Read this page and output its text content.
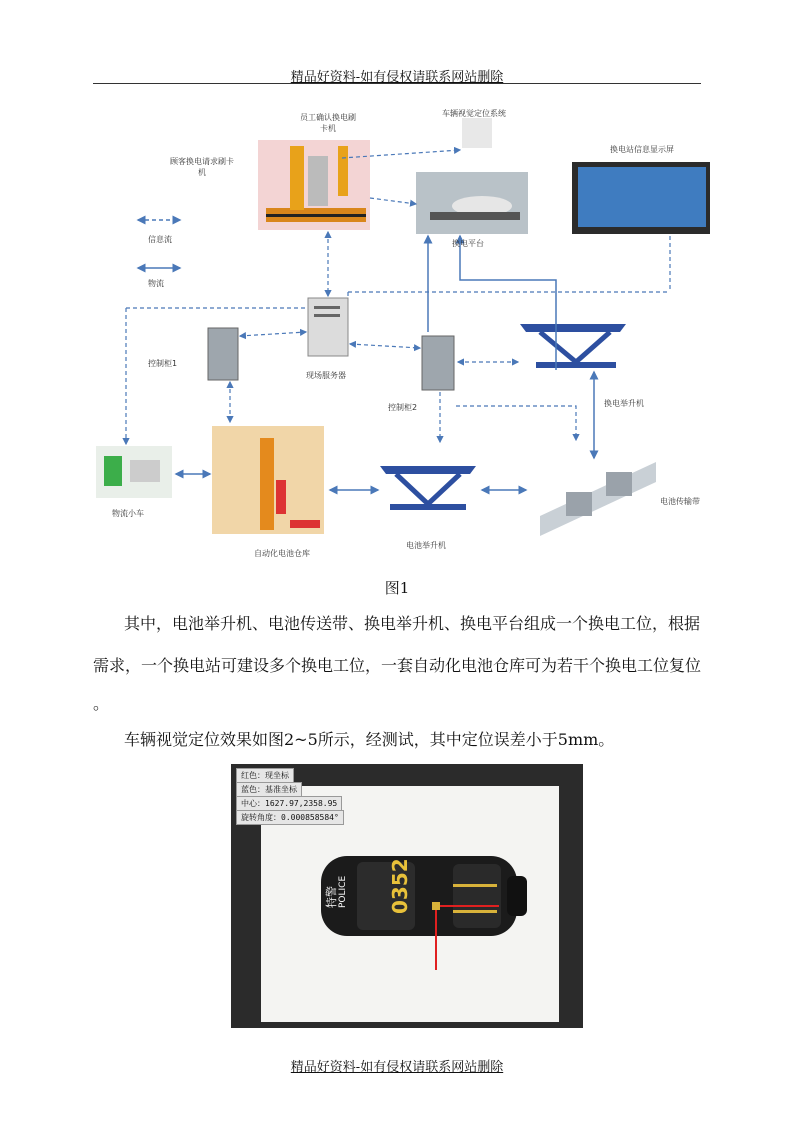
精品好资料-如有侵权请联系网站删除
员工确认换电刷卡机
顾客换电请求刷卡机
车辆视觉定位系统
换电站信息显示屏
信息流
物流
换电平台
现场服务器
控制柜1
控制柜2	换电举升机
物流小车
自动化电池仓库
电池举升机
电池传输带
图1
其中，电池举升机、电池传送带、换电举升机、换电平台组成一个换电工位，根据
需求，一个换电站可建设多个换电工位，一套自动化电池仓库可为若干个换电工位复位
。
车辆视觉定位效果如图2~5所示，经测试，其中定位误差小于5mm。
红色：现坐标
蓝色：基准坐标
中心：1627.97,2358.95
旋转角度：0.000858584°
0352
POLICE
特警
精品好资料-如有侵权请联系网站删除
